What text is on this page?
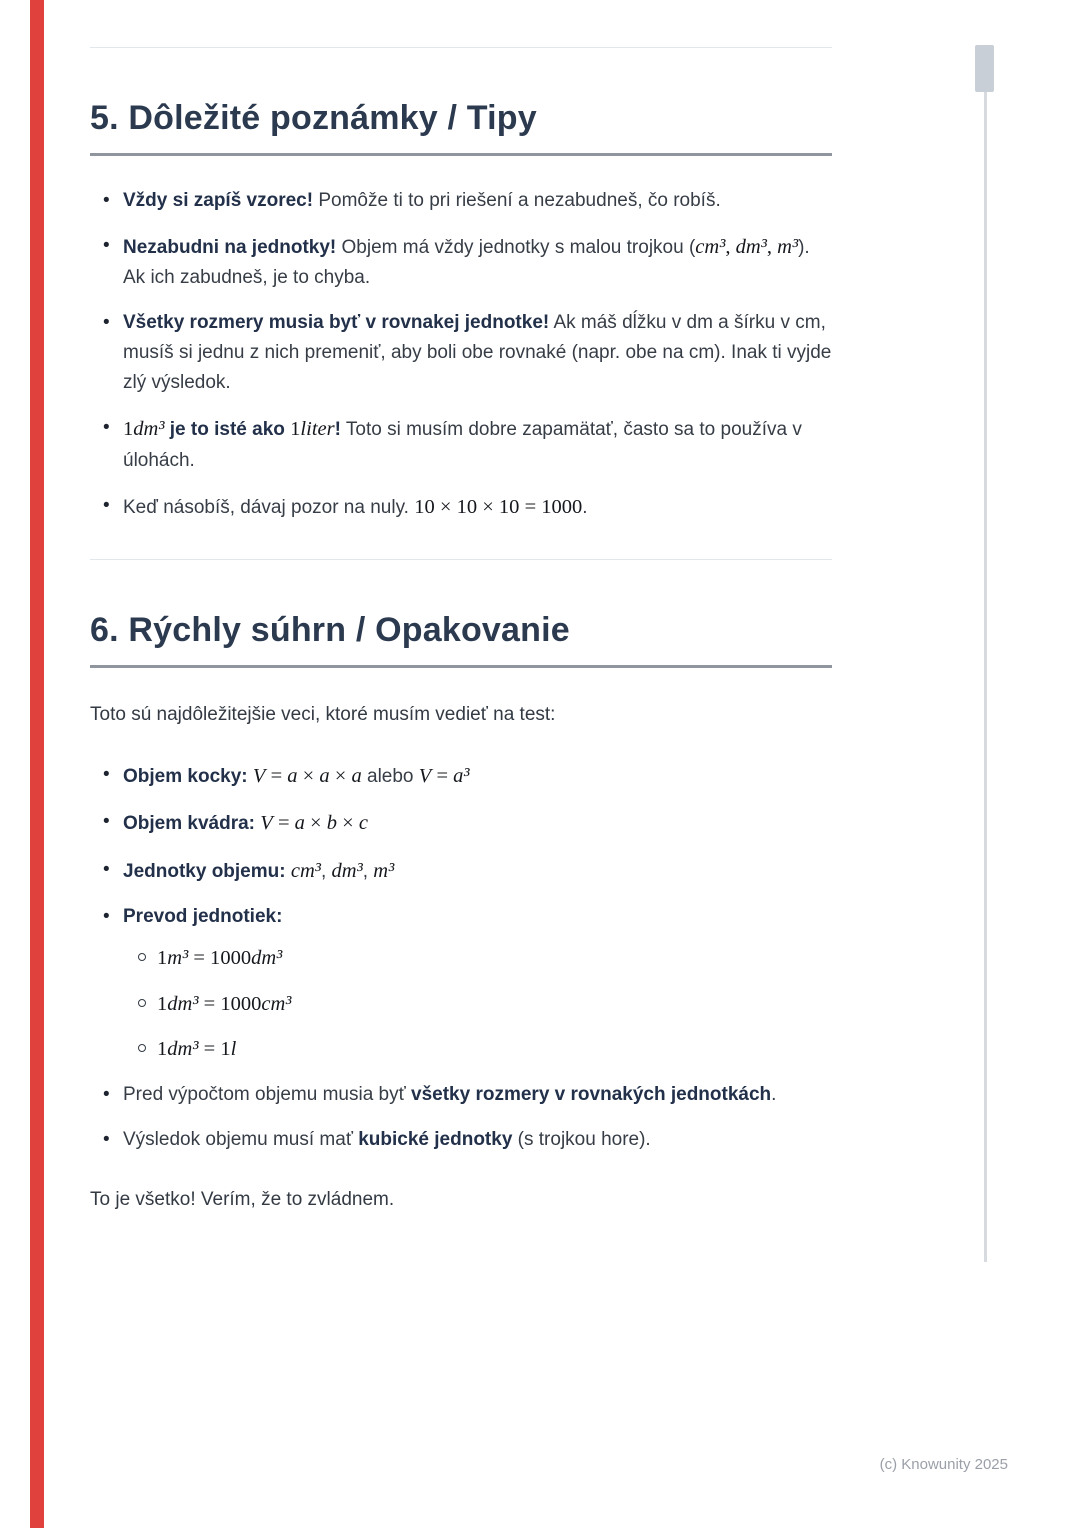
5. Dôležité poznámky / Tipy
• Vždy si zapíš vzorec! Pomôže ti to pri riešení a nezabudneš, čo robíš.
• Nezabudni na jednotky! Objem má vždy jednotky s malou trojkou (cm³, dm³, m³). Ak ich zabudneš, je to chyba.
• Všetky rozmery musia byť v rovnakej jednotke! Ak máš dĺžku v dm a šírku v cm, musíš si jednu z nich premeniť, aby boli obe rovnaké (napr. obe na cm). Inak ti vyjde zlý výsledok.
• 1dm³ je to isté ako 1liter! Toto si musím dobre zapamätať, často sa to používa v úlohách.
• Keď násobíš, dávaj pozor na nuly. 10 × 10 × 10 = 1000.
6. Rýchly súhrn / Opakovanie

Toto sú najdôležitejšie veci, ktoré musím vedieť na test:

• Objem kocky: V = a × a × a alebo V = a³
• Objem kvádra: V = a × b × c
• Jednotky objemu: cm³, dm³, m³
• Prevod jednotiek:
1m³ = 1000dm³
1dm³ = 1000cm³
1dm³ = 1l
• Pred výpočtom objemu musia byť všetky rozmery v rovnakých jednotkách.
• Výsledok objemu musí mať kubické jednotky (s trojkou hore).

To je všetko! Verím, že to zvládnem.

(c) Knowunity 2025
